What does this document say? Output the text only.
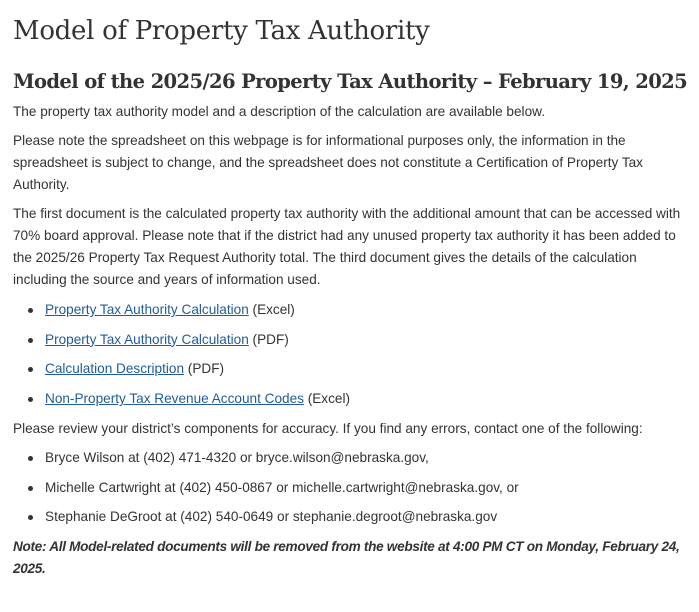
Model of Property Tax Authority
Model of the 2025/26 Property Tax Authority – February 19, 2025

The property tax authority model and a description of the calculation are available below.

Please note the spreadsheet on this webpage is for informational purposes only, the information in the spreadsheet is subject to change, and the spreadsheet does not constitute a Certification of Property Tax Authority.

The first document is the calculated property tax authority with the additional amount that can be accessed with 70% board approval. Please note that if the district had any unused property tax authority it has been added to the 2025/26 Property Tax Request Authority total. The third document gives the details of the calculation including the source and years of information used.

Property Tax Authority Calculation (Excel)
Property Tax Authority Calculation (PDF)
Calculation Description (PDF)
Non-Property Tax Revenue Account Codes (Excel)

Please review your district’s components for accuracy. If you find any errors, contact one of the following:

Bryce Wilson at (402) 471-4320 or bryce.wilson@nebraska.gov,
Michelle Cartwright at (402) 450-0867 or michelle.cartwright@nebraska.gov, or
Stephanie DeGroot at (402) 540-0649 or stephanie.degroot@nebraska.gov

Note: All Model-related documents will be removed from the website at 4:00 PM CT on Monday, February 24, 2025.
